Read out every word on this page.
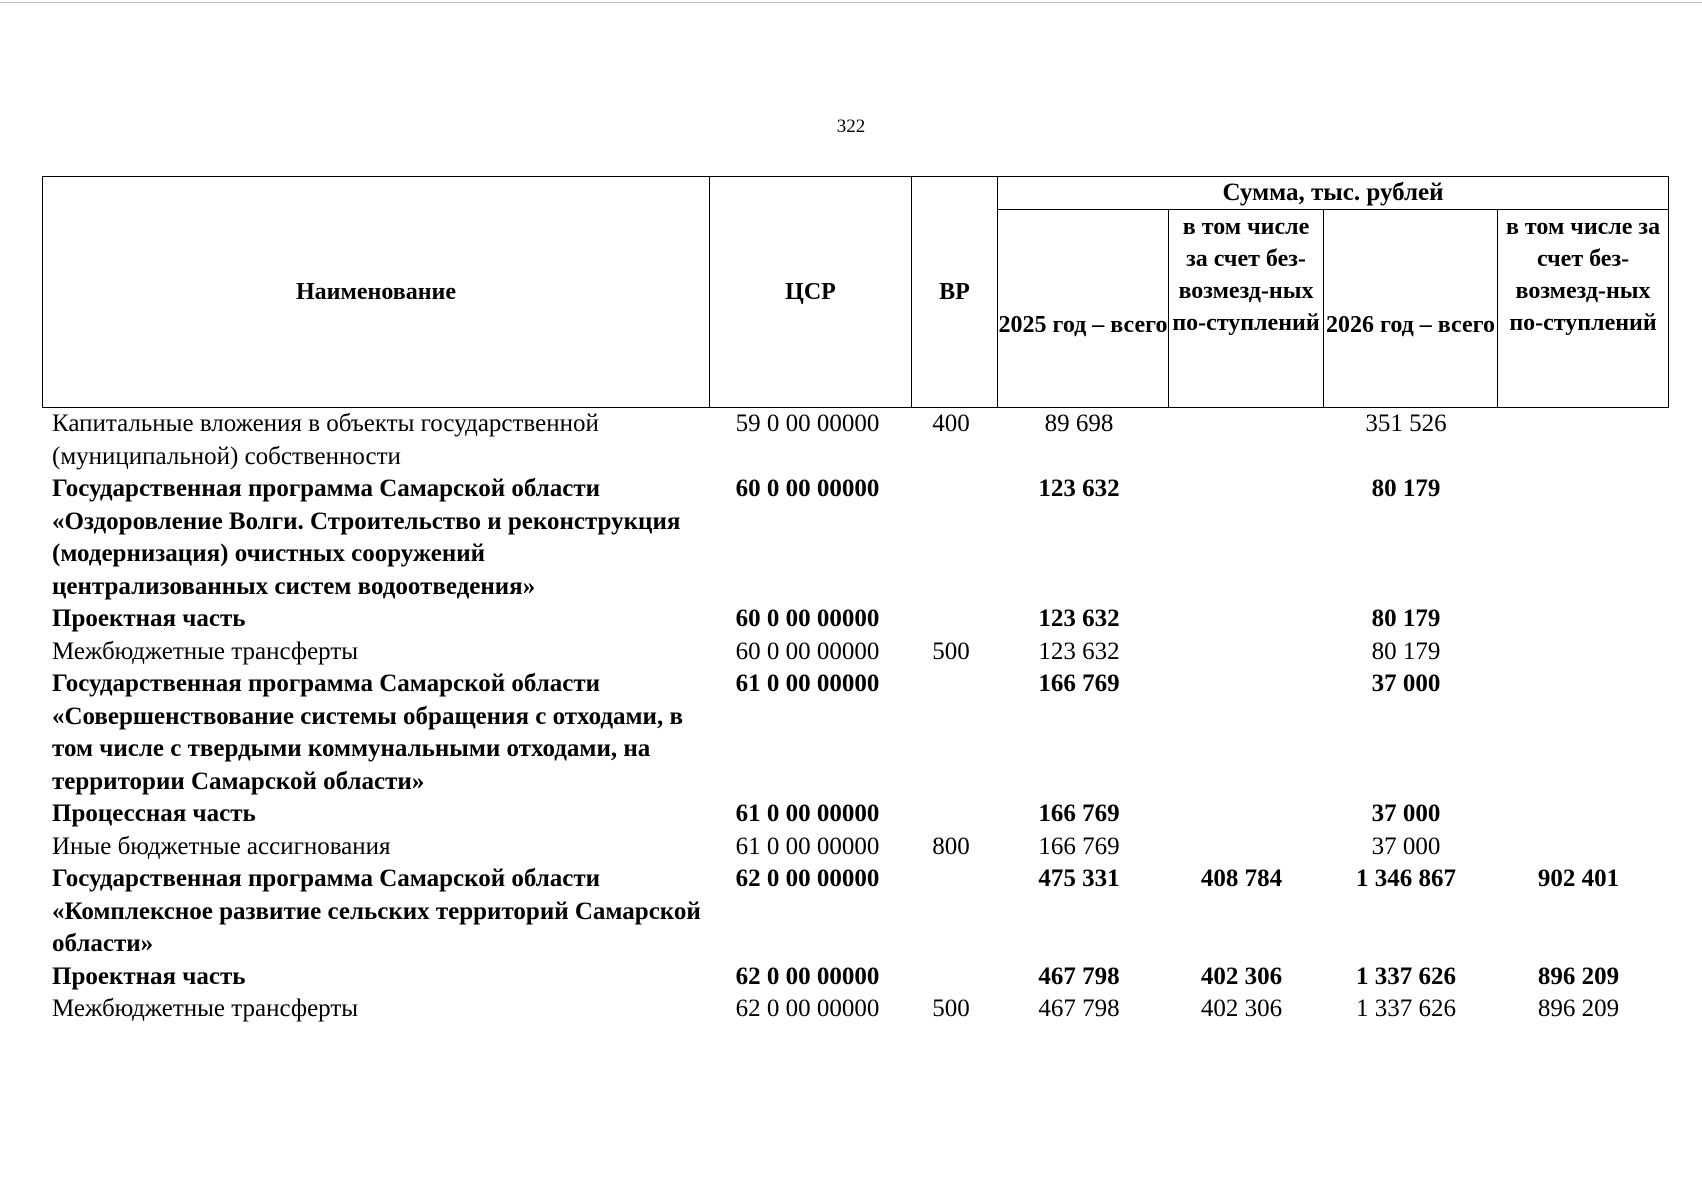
322
Наименование	ЦСР	ВР	Сумма, тыс. рублей			
			2025 год – всего	в том числе за счет без-возмезд-ных по-ступлений	2026 год – всего	в том числе за счет без-возмезд-ных по-ступлений
Капитальные вложения в объекты государственной (муниципальной) собственности	59 0 00 00000	400	89 698		351 526	
Государственная программа Самарской области «Оздоровление Волги. Строительство и реконструкция (модернизация) очистных сооружений централизованных систем водоотведения»	60 0 00 00000		123 632		80 179	
Проектная часть	60 0 00 00000		123 632		80 179	
Межбюджетные трансферты	60 0 00 00000	500	123 632		80 179	
Государственная программа Самарской области «Совершенствование системы обращения с отходами, в том числе с твердыми коммунальными отходами, на территории Самарской области»	61 0 00 00000		166 769		37 000	
Процессная часть	61 0 00 00000		166 769		37 000	
Иные бюджетные ассигнования	61 0 00 00000	800	166 769		37 000	
Государственная программа Самарской области «Комплексное развитие сельских территорий Самарской области»	62 0 00 00000		475 331	408 784	1 346 867	902 401
Проектная часть	62 0 00 00000		467 798	402 306	1 337 626	896 209
Межбюджетные трансферты	62 0 00 00000	500	467 798	402 306	1 337 626	896 209
